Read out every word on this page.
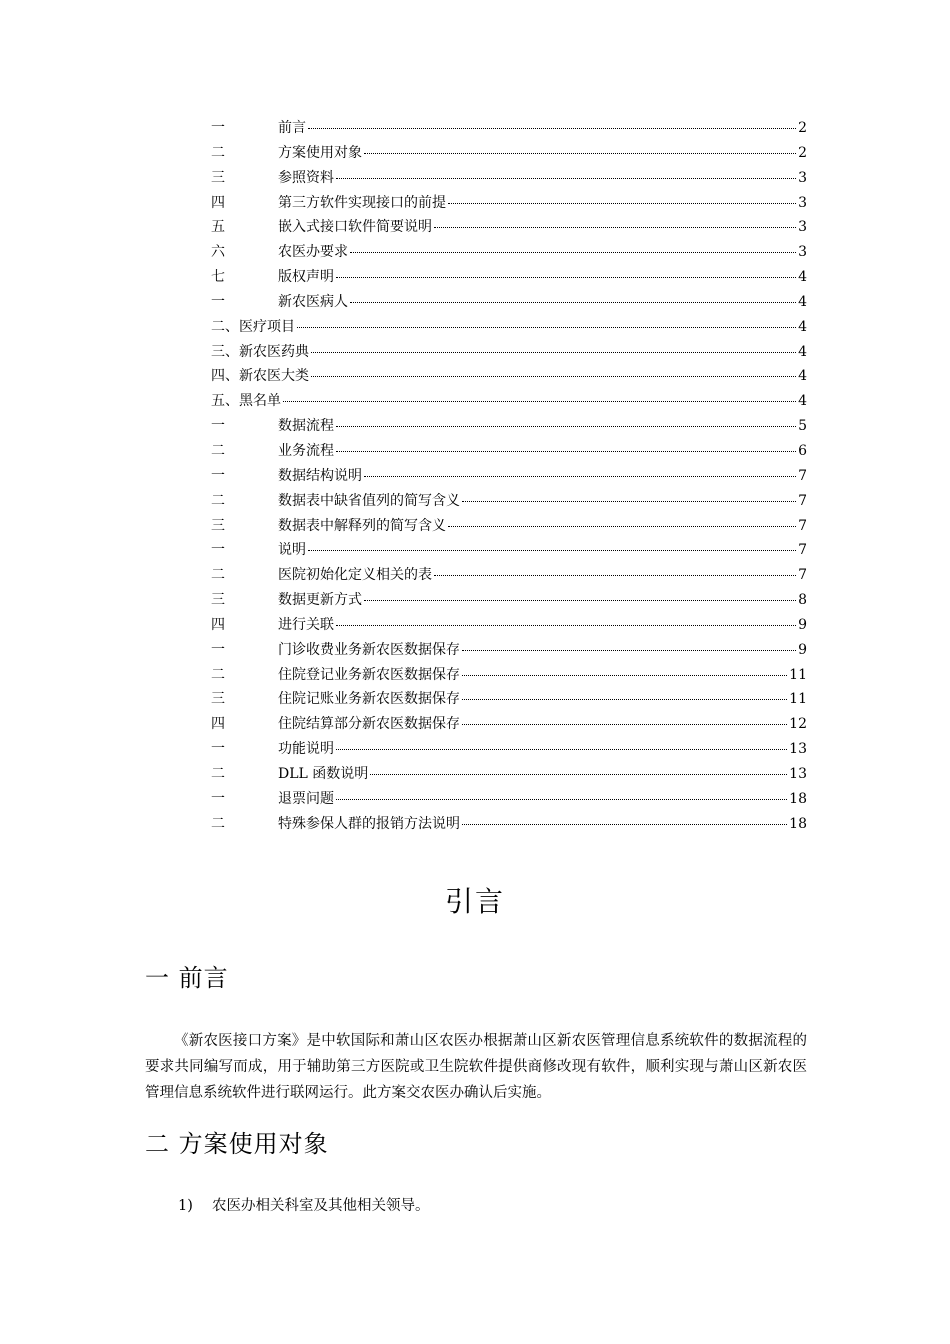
一	前言	2
二	方案使用对象	2
三	参照资料	3
四	第三方软件实现接口的前提	3
五	嵌入式接口软件简要说明	3
六	农医办要求	3
七	版权声明	4
一	新农医病人	4
二、 医疗项目	4
三、 新农医药典	4
四、 新农医大类	4
五、 黑名单	4
一	数据流程	5
二	业务流程	6
一	数据结构说明	7
二	数据表中缺省值列的简写含义	7
三	数据表中解释列的简写含义	7
一	说明	7
二	医院初始化定义相关的表	7
三	数据更新方式	8
四	进行关联	9
一	门诊收费业务新农医数据保存	9
二	住院登记业务新农医数据保存	11
三	住院记账业务新农医数据保存	11
四	住院结算部分新农医数据保存	12
一	功能说明	13
二	DLL 函数说明	13
一	退票问题	18
二	特殊参保人群的报销方法说明	18
引言
一 前言
《新农医接口方案》是中软国际和萧山区农医办根据萧山区新农医管理信息系统软件的数据流程的要求共同编写而成，用于辅助第三方医院或卫生院软件提供商修改现有软件，顺利实现与萧山区新农医管理信息系统软件进行联网运行。此方案交农医办确认后实施。
二 方案使用对象
1) 农医办相关科室及其他相关领导。
